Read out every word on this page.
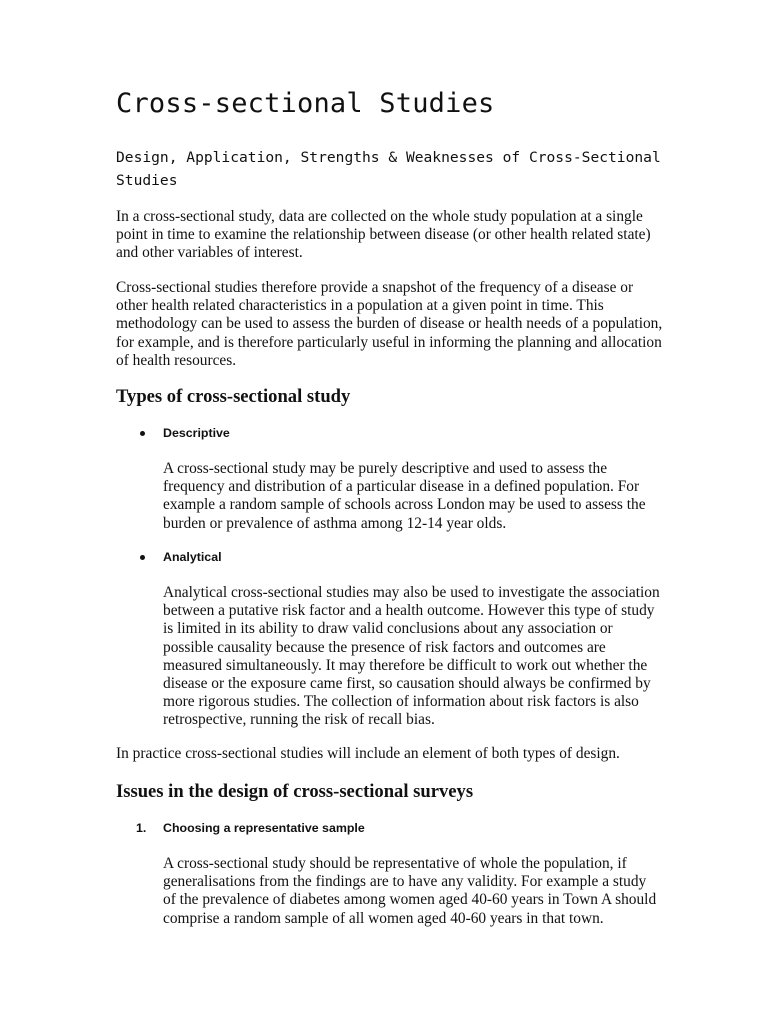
Cross-sectional Studies
Design, Application, Strengths & Weaknesses of Cross-Sectional Studies

In a cross-sectional study, data are collected on the whole study population at a single point in time to examine the relationship between disease (or other health related state) and other variables of interest.

Cross-sectional studies therefore provide a snapshot of the frequency of a disease or other health related characteristics in a population at a given point in time. This methodology can be used to assess the burden of disease or health needs of a population, for example, and is therefore particularly useful in informing the planning and allocation of health resources.

Types of cross-sectional study

Descriptive

A cross-sectional study may be purely descriptive and used to assess the frequency and distribution of a particular disease in a defined population. For example a random sample of schools across London may be used to assess the burden or prevalence of asthma among 12-14 year olds.

Analytical

Analytical cross-sectional studies may also be used to investigate the association between a putative risk factor and a health outcome. However this type of study is limited in its ability to draw valid conclusions about any association or possible causality because the presence of risk factors and outcomes are measured simultaneously. It may therefore be difficult to work out whether the disease or the exposure came first, so causation should always be confirmed by more rigorous studies. The collection of information about risk factors is also retrospective, running the risk of recall bias.

In practice cross-sectional studies will include an element of both types of design.

Issues in the design of cross-sectional surveys

1. Choosing a representative sample

A cross-sectional study should be representative of whole the population, if generalisations from the findings are to have any validity. For example a study of the prevalence of diabetes among women aged 40-60 years in Town A should comprise a random sample of all women aged 40-60 years in that town.
